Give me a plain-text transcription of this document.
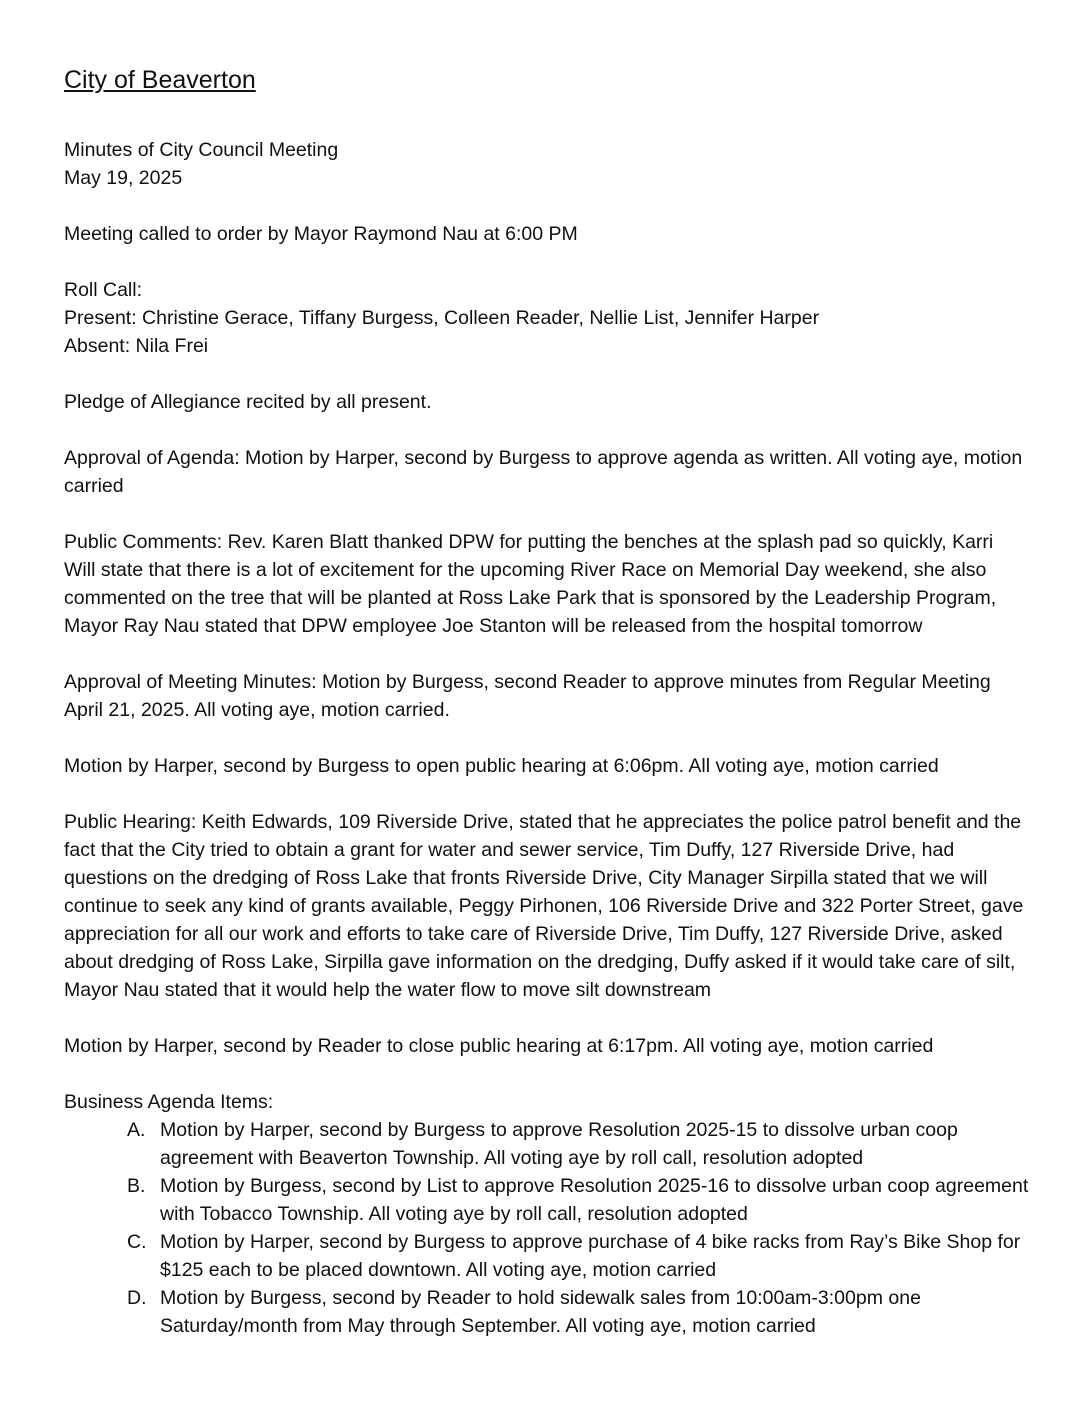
City of Beaverton

Minutes of City Council Meeting
May 19, 2025

Meeting called to order by Mayor Raymond Nau at 6:00 PM

Roll Call:
Present: Christine Gerace, Tiffany Burgess, Colleen Reader, Nellie List, Jennifer Harper
Absent: Nila Frei

Pledge of Allegiance recited by all present.

Approval of Agenda: Motion by Harper, second by Burgess to approve agenda as written. All voting aye, motion carried

Public Comments: Rev. Karen Blatt thanked DPW for putting the benches at the splash pad so quickly, Karri Will state that there is a lot of excitement for the upcoming River Race on Memorial Day weekend, she also commented on the tree that will be planted at Ross Lake Park that is sponsored by the Leadership Program, Mayor Ray Nau stated that DPW employee Joe Stanton will be released from the hospital tomorrow

Approval of Meeting Minutes: Motion by Burgess, second Reader to approve minutes from Regular Meeting April 21, 2025. All voting aye, motion carried.

Motion by Harper, second by Burgess to open public hearing at 6:06pm. All voting aye, motion carried

Public Hearing: Keith Edwards, 109 Riverside Drive, stated that he appreciates the police patrol benefit and the fact that the City tried to obtain a grant for water and sewer service, Tim Duffy, 127 Riverside Drive, had questions on the dredging of Ross Lake that fronts Riverside Drive, City Manager Sirpilla stated that we will continue to seek any kind of grants available, Peggy Pirhonen, 106 Riverside Drive and 322 Porter Street, gave appreciation for all our work and efforts to take care of Riverside Drive, Tim Duffy, 127 Riverside Drive, asked about dredging of Ross Lake, Sirpilla gave information on the dredging, Duffy asked if it would take care of silt, Mayor Nau stated that it would help the water flow to move silt downstream

Motion by Harper, second by Reader to close public hearing at 6:17pm. All voting aye, motion carried

Business Agenda Items:
A. Motion by Harper, second by Burgess to approve Resolution 2025-15 to dissolve urban coop agreement with Beaverton Township. All voting aye by roll call, resolution adopted
B. Motion by Burgess, second by List to approve Resolution 2025-16 to dissolve urban coop agreement with Tobacco Township. All voting aye by roll call, resolution adopted
C. Motion by Harper, second by Burgess to approve purchase of 4 bike racks from Ray’s Bike Shop for $125 each to be placed downtown. All voting aye, motion carried
D. Motion by Burgess, second by Reader to hold sidewalk sales from 10:00am-3:00pm one Saturday/month from May through September. All voting aye, motion carried
